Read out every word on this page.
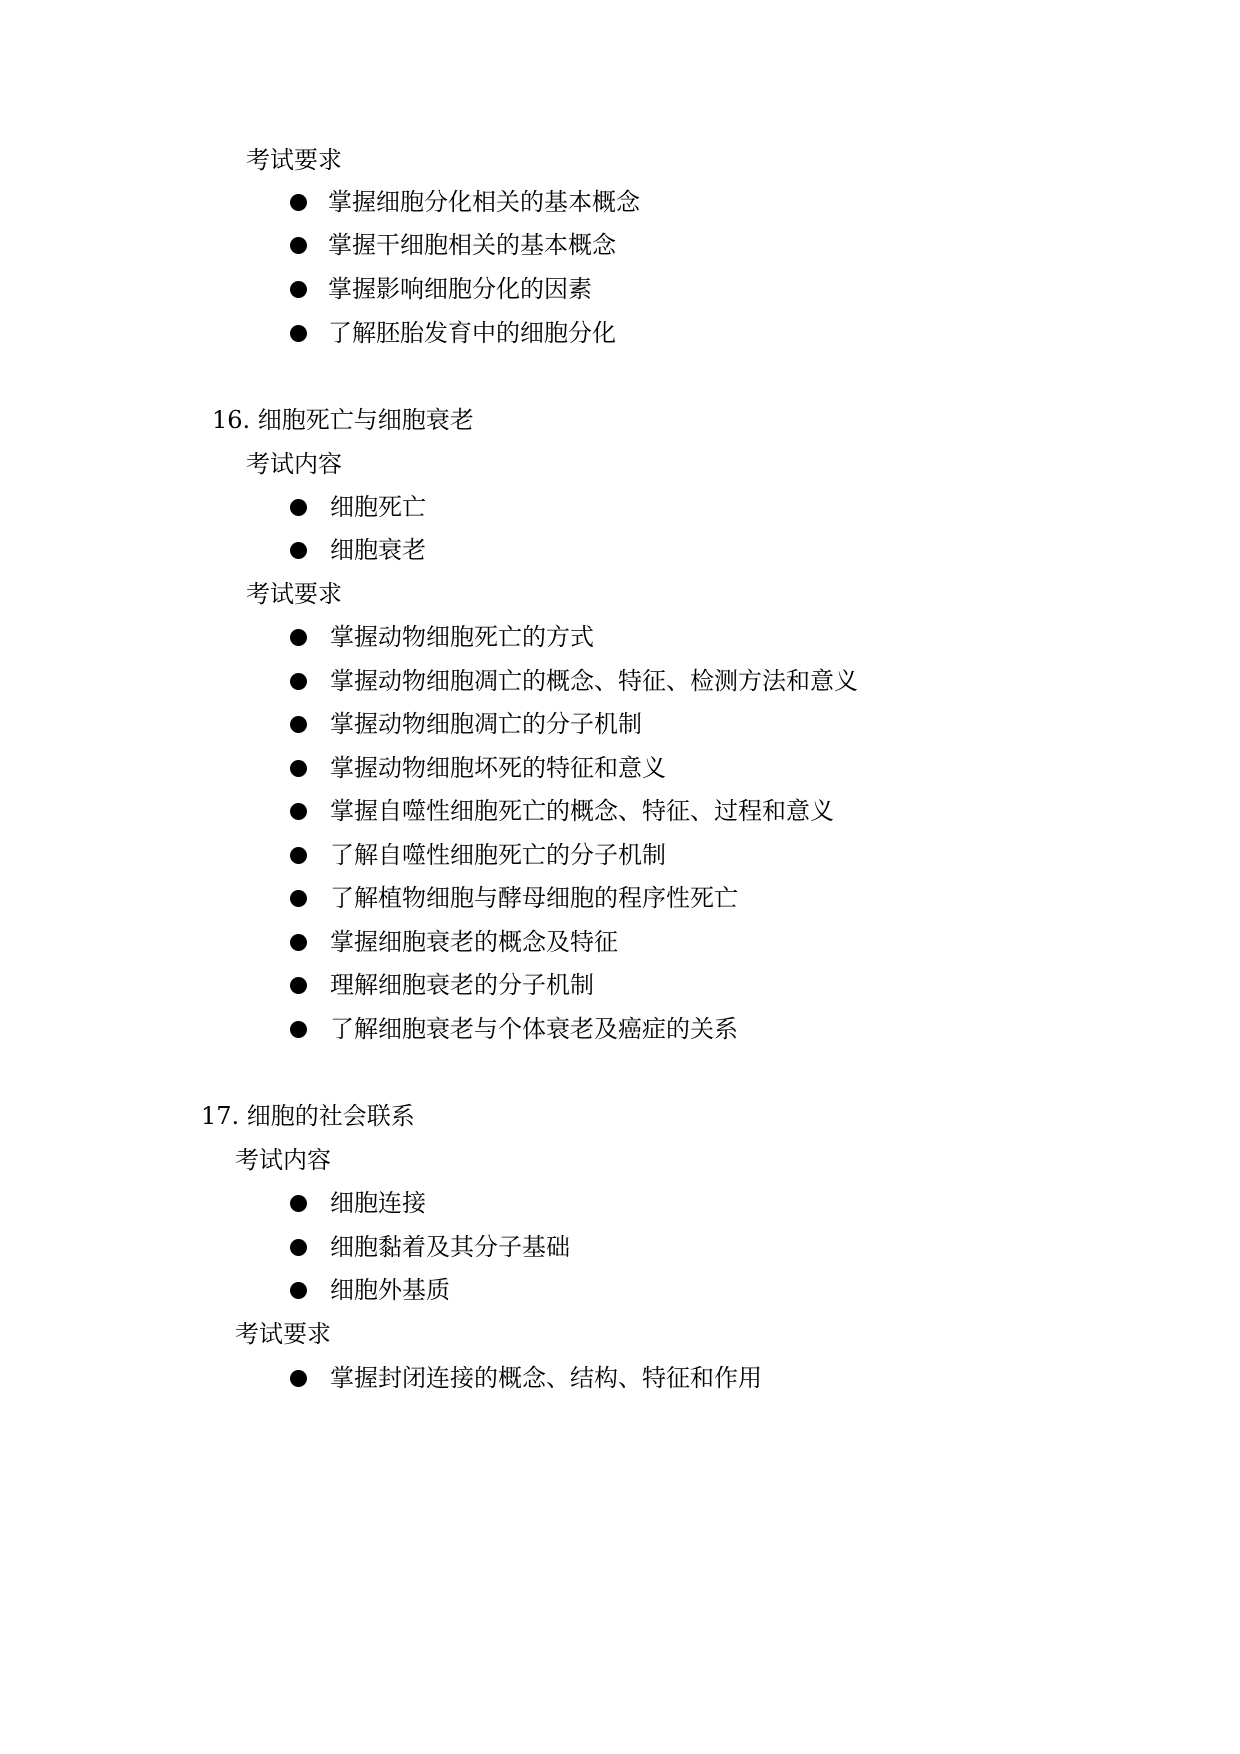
考试要求
掌握细胞分化相关的基本概念
掌握干细胞相关的基本概念
掌握影响细胞分化的因素
了解胚胎发育中的细胞分化
16. 细胞死亡与细胞衰老
考试内容
细胞死亡
细胞衰老
考试要求
掌握动物细胞死亡的方式
掌握动物细胞凋亡的概念、特征、检测方法和意义
掌握动物细胞凋亡的分子机制
掌握动物细胞坏死的特征和意义
掌握自噬性细胞死亡的概念、特征、过程和意义
了解自噬性细胞死亡的分子机制
了解植物细胞与酵母细胞的程序性死亡
掌握细胞衰老的概念及特征
理解细胞衰老的分子机制
了解细胞衰老与个体衰老及癌症的关系
17. 细胞的社会联系
考试内容
细胞连接
细胞黏着及其分子基础
细胞外基质
考试要求
掌握封闭连接的概念、结构、特征和作用
